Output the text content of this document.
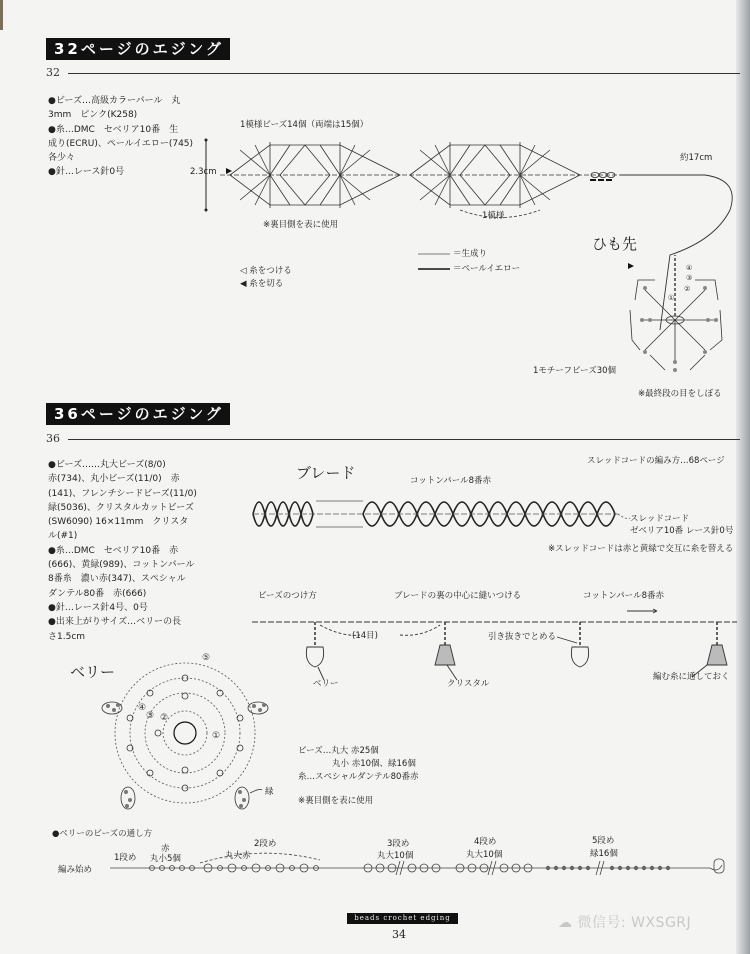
32ページのエジング
32
●ビーズ…高級カラーパール　丸
3mm　ピンク(K258)
●糸…DMC　セベリア10番　生
成り(ECRU)、ペールイエロー(745)
各少々
●針…レース針0号
1模様ビーズ14個（両端は15個）
2.3cm
1模様
※裏目側を表に使用
約17cm
◁ 糸をつける
◀ 糸を切る
＝生成り
＝ペールイエロー
ひも先
1モチーフビーズ30個
※最終段の目をしぼる
④
③
②
①
36ページのエジング
36
●ビーズ……丸大ビーズ(8/0)
赤(734)、丸小ビーズ(11/0)　赤
(141)、フレンチシードビーズ(11/0)
緑(5036)、クリスタルカットビーズ
(SW6090) 16×11mm　クリスタ
ル(#1)
●糸…DMC　セベリア10番　赤
(666)、黄緑(989)、コットンパール
8番糸　濃い赤(347)、スペシャル
ダンテル80番　赤(666)
●針…レース針4号、0号
●出来上がりサイズ…ベリーの長
さ1.5cm
スレッドコードの編み方…68ページ
ブレード	コットンパール8番赤
スレッドコード
ゼベリア10番 レース針0号
※スレッドコードは赤と黄緑で交互に糸を替える
ビーズのつけ方	ブレードの裏の中心に縫いつける	コットンパール8番赤
(14目)	引き抜きでとめる
ベリー	クリスタル
編む糸に通しておく
ベリー
緑
⑤
④
③ ②
①
ビーズ…丸大 赤25個
　　　　丸小 赤10個、緑16個
糸…スペシャルダンテル80番赤
※裏目側を表に使用
●ベリーのビーズの通し方
編み始め
1段め
赤
丸小5個
2段め
丸大赤
3段め
丸大10個
4段め
丸大10個
5段め
緑16個
beads crochet edging
34
☁ 微信号: WXSGRJ
